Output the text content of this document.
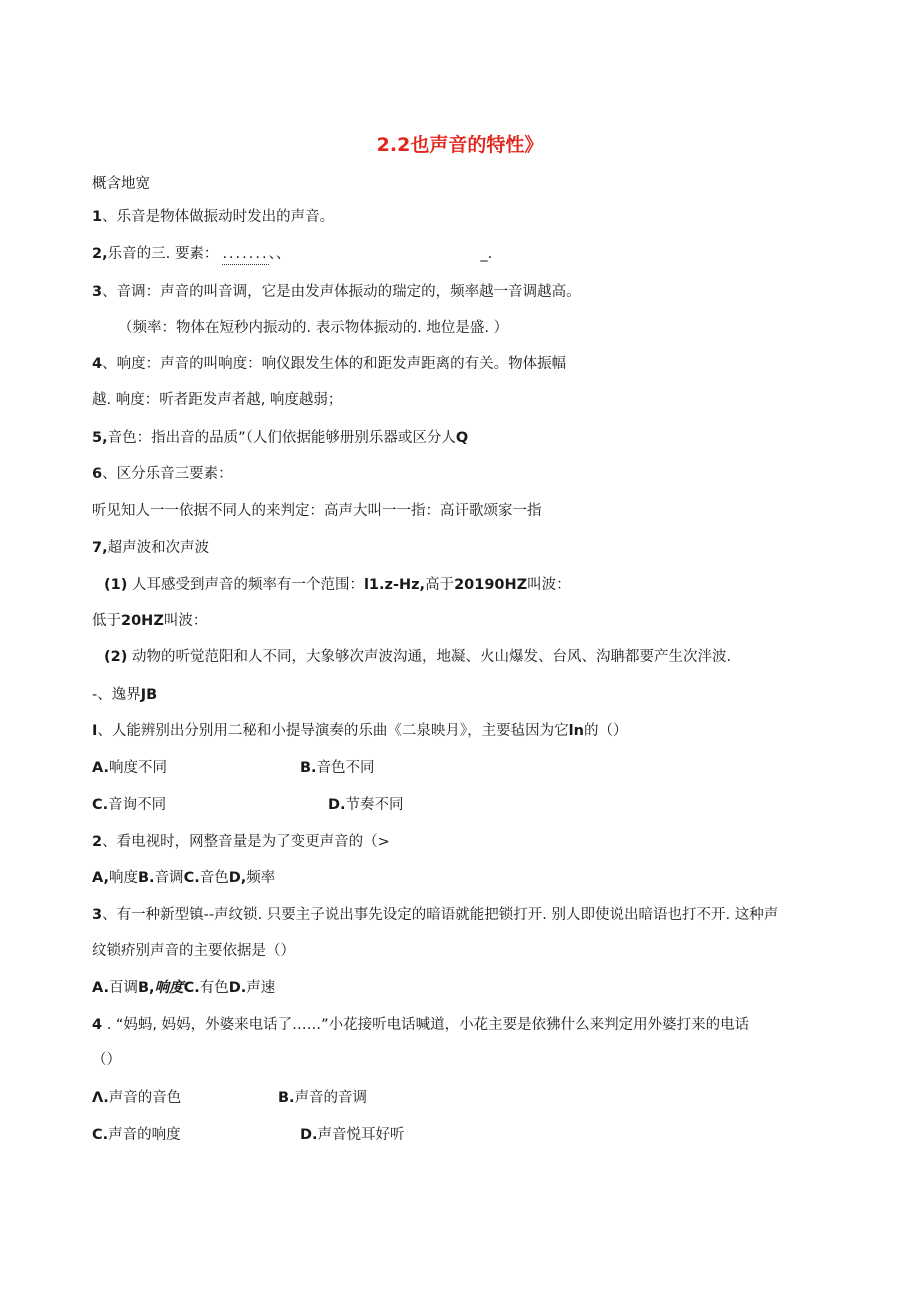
2.2也声音的特性》
概含地宽
1、乐音是物体做振动时发出的声音。
2,乐音的三. 要素： .......、、	_.
3、音调：声音的叫音调，它是由发声体振动的瑞定的，频率越一音调越高。
（频率：物体在短秒内振动的. 表示物体振动的. 地位是盛. ）
4、响度：声音的叫响度：响仪跟发生体的和距发声距离的有关。物体振幅
越. 响度：听者距发声者越, 响度越弱；
5,音色：指出音的品质”（人们依据能够册别乐器或区分人Q
6、区分乐音三要素：
听见知人一一依据不同人的来判定：高声大叫一一指：高讦歌颂家一指
7,超声波和次声波
(1) 人耳感受到声音的频率有一个范围：l1.z-Hz,高于20190HZ叫波：
低于20HZ叫波：
(2) 动物的听觉范阳和人不同，大象够次声波沟通，地凝、火山爆发、台风、沟聃都要产生次泮波.
-、逸界JB
I、人能辨别出分别用二秘和小提导演奏的乐曲《二泉映月》，主要毡因为它ln的（）
A.响度不同	B.音色不同
C.音询不同	D.节奏不同
2、看电视时，网整音量是为了变更声音的（>
A,响度B.音调C.音色D,频率
3、有一种新型镇--声纹锁. 只要主子说出事先设定的暗语就能把锁打开. 别人即使说出暗语也打不开. 这种声
纹锁疥别声音的主要依据是（）
A.百调B,响度C.有色D.声速
4 . “妈蚂, 妈妈，外婆来电话了……”小花接听电话喊道，小花主要是依狒什么来判定用外婆打来的电话
（）
Λ.声音的音色	B.声音的音调
C.声音的响度	D.声音悦耳好听
